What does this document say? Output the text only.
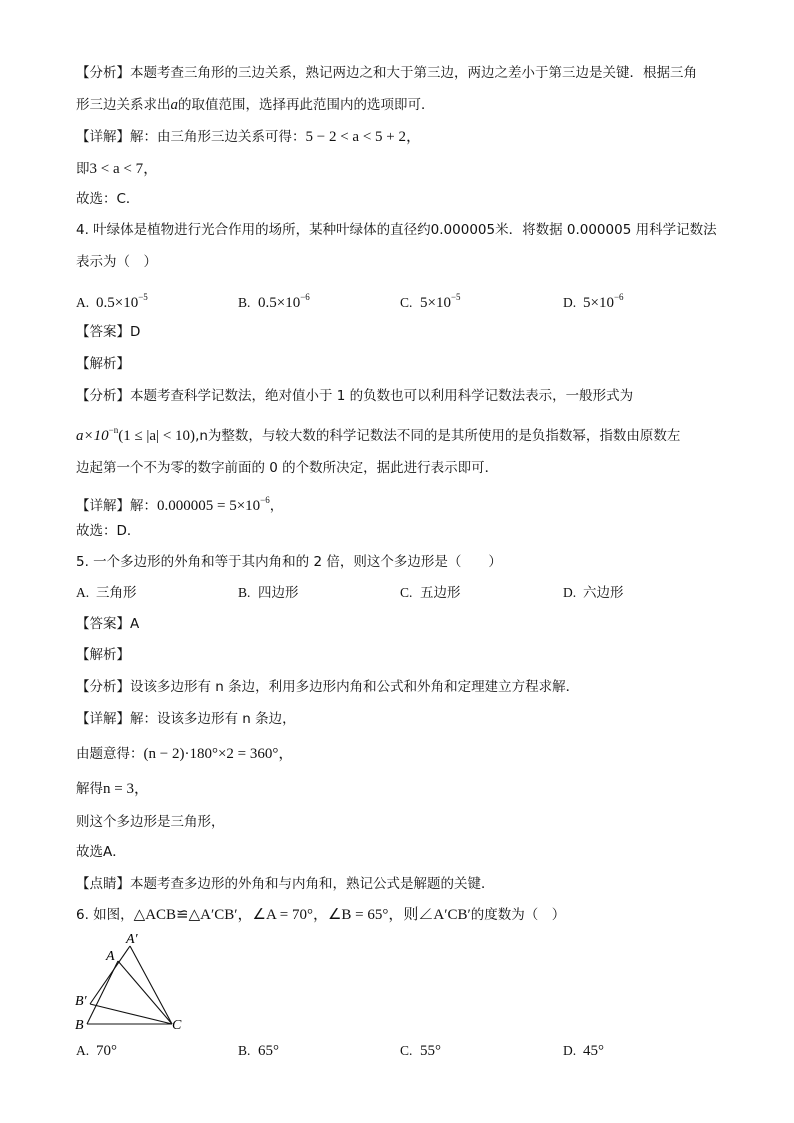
【分析】本题考查三角形的三边关系，熟记两边之和大于第三边，两边之差小于第三边是关键．根据三角
形三边关系求出a的取值范围，选择再此范围内的选项即可．
【详解】解：由三角形三边关系可得：5 − 2 < a < 5 + 2，
即3 < a < 7，
故选：C．
4. 叶绿体是植物进行光合作用的场所，某种叶绿体的直径约0.000005米．将数据 0.000005 用科学记数法
表示为（　）
A. $0.5\times 10^{-5}$	B. $0.5\times 10^{-6}$	C. $5\times 10^{-5}$	D. $5\times 10^{-6}$
【答案】D
【解析】
【分析】本题考查科学记数法，绝对值小于 1 的负数也可以利用科学记数法表示，一般形式为
$a\times 10^{-n}(1 \le |a| < 10),n$为整数，与较大数的科学记数法不同的是其所使用的是负指数幂，指数由原数左
边起第一个不为零的数字前面的 0 的个数所决定，据此进行表示即可．
【详解】解：$0.000005 = 5\times 10^{-6}$，
故选：D．
5. 一个多边形的外角和等于其内角和的 2 倍，则这个多边形是（　　）
A. 三角形	B. 四边形	C. 五边形	D. 六边形
【答案】A
【解析】
【分析】设该多边形有 n 条边，利用多边形内角和公式和外角和定理建立方程求解．
【详解】解：设该多边形有 n 条边，
由题意得：(n − 2)·180°×2 = 360°，
解得n = 3，
则这个多边形是三角形，
故选A．
【点睛】本题考查多边形的外角和与内角和，熟记公式是解题的关键．
6. 如图，△ACB≌△A′CB′，∠A = 70°，∠B = 65°，则∠A′CB′的度数为（　）
A′
A
B′
B	C
A. 70°	B. 65°	C. 55°	D. 45°
